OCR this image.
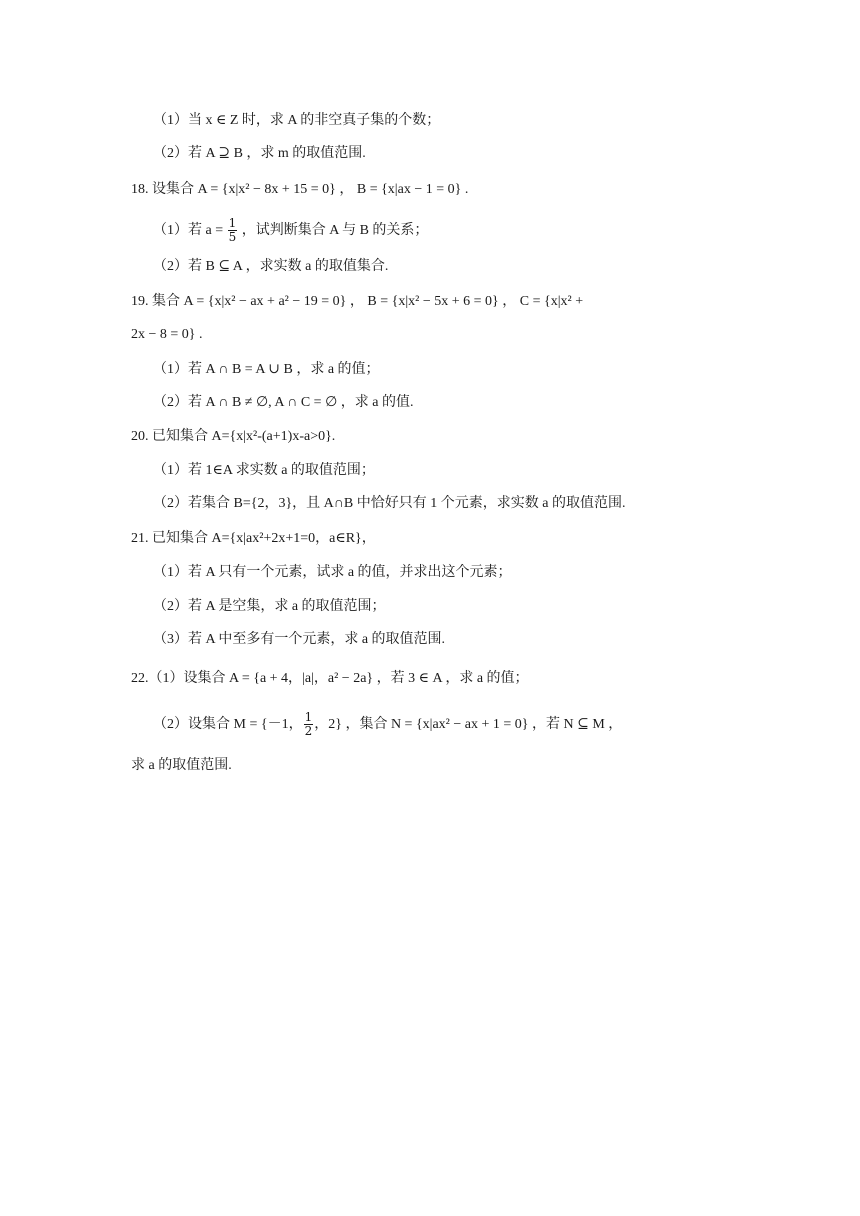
（1）当 x ∈ Z 时，求 A 的非空真子集的个数；
（2）若 A ⊇ B ，求 m 的取值范围.
18. 设集合 A = {x|x² − 8x + 15 = 0} ， B = {x|ax − 1 = 0} .
（1）若 $a = \frac{1}{5}$ ，试判断集合 A 与 B 的关系；
（2）若 B ⊆ A ，求实数 a 的取值集合.
19. 集合 A = {x|x² − ax + a² − 19 = 0} ， B = {x|x² − 5x + 6 = 0} ， C = {x|x² +
2x − 8 = 0} .
（1）若 A ∩ B = A ∪ B ，求 a 的值；
（2）若 A ∩ B ≠ ∅, A ∩ C = ∅ ，求 a 的值.
20. 已知集合 A={x|x²-(a+1)x-a>0}.
（1）若 1∈A 求实数 a 的取值范围；
（2）若集合 B={2，3}，且 A∩B 中恰好只有 1 个元素，求实数 a 的取值范围.
21. 已知集合 A={x|ax²+2x+1=0，a∈R}，
（1）若 A 只有一个元素，试求 a 的值，并求出这个元素；
（2）若 A 是空集，求 a 的取值范围；
（3）若 A 中至多有一个元素，求 a 的取值范围.
22.（1）设集合 A = {a + 4，|a|，a² − 2a} ，若 3 ∈ A ，求 a 的值；
（2）设集合 M = {－1， $\frac{1}{2}$ ，2} ，集合 N = {x|ax² − ax + 1 = 0} ，若 N ⊆ M ，
求 a 的取值范围.
